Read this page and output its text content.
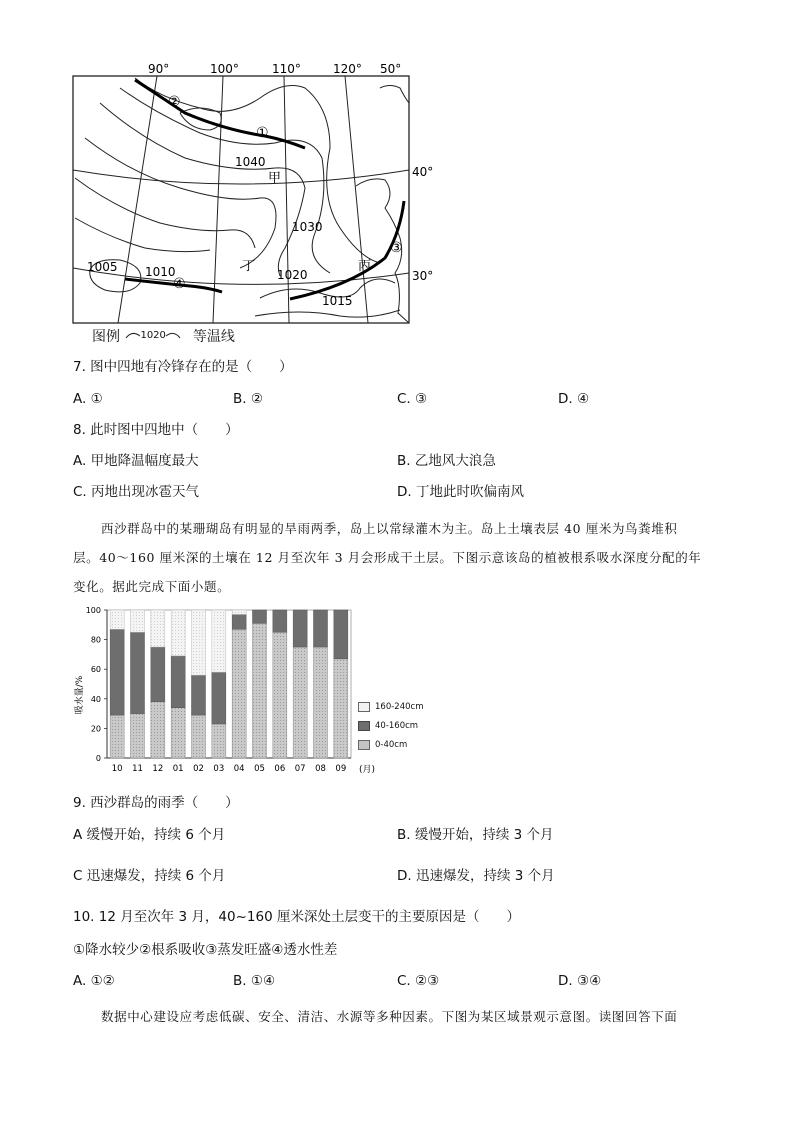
90°	100°	110°	120° 50°
40°
30°
1040
1030
1005 1010	1020
1015
甲
丁	丙
①
②
③
④
图例 1020 等温线
7. 图中四地有冷锋存在的是（　　）
A. ①	B. ②	C. ③	D. ④
8. 此时图中四地中（　　）
A. 甲地降温幅度最大	B. 乙地风大浪急
C. 丙地出现冰雹天气	D. 丁地此时吹偏南风
西沙群岛中的某珊瑚岛有明显的旱雨两季，岛上以常绿灌木为主。岛上土壤表层 40 厘米为鸟粪堆积
层。40～160 厘米深的土壤在 12 月至次年 3 月会形成干土层。下图示意该岛的植被根系吸水深度分配的年
变化。据此完成下面小题。
0
20
40
60
80
100
10 11 12 01 02 03 04 05 06 07 08 09
吸水量/%
(月)
160-240cm
40-160cm
0-40cm
9. 西沙群岛的雨季（　　）
A 缓慢开始，持续 6 个月	B. 缓慢开始，持续 3 个月
C 迅速爆发，持续 6 个月	D. 迅速爆发，持续 3 个月
10. 12 月至次年 3 月，40~160 厘米深处土层变干的主要原因是（　　）
①降水较少②根系吸收③蒸发旺盛④透水性差
A. ①②	B. ①④	C. ②③	D. ③④
数据中心建设应考虑低碳、安全、清洁、水源等多种因素。下图为某区域景观示意图。读图回答下面
